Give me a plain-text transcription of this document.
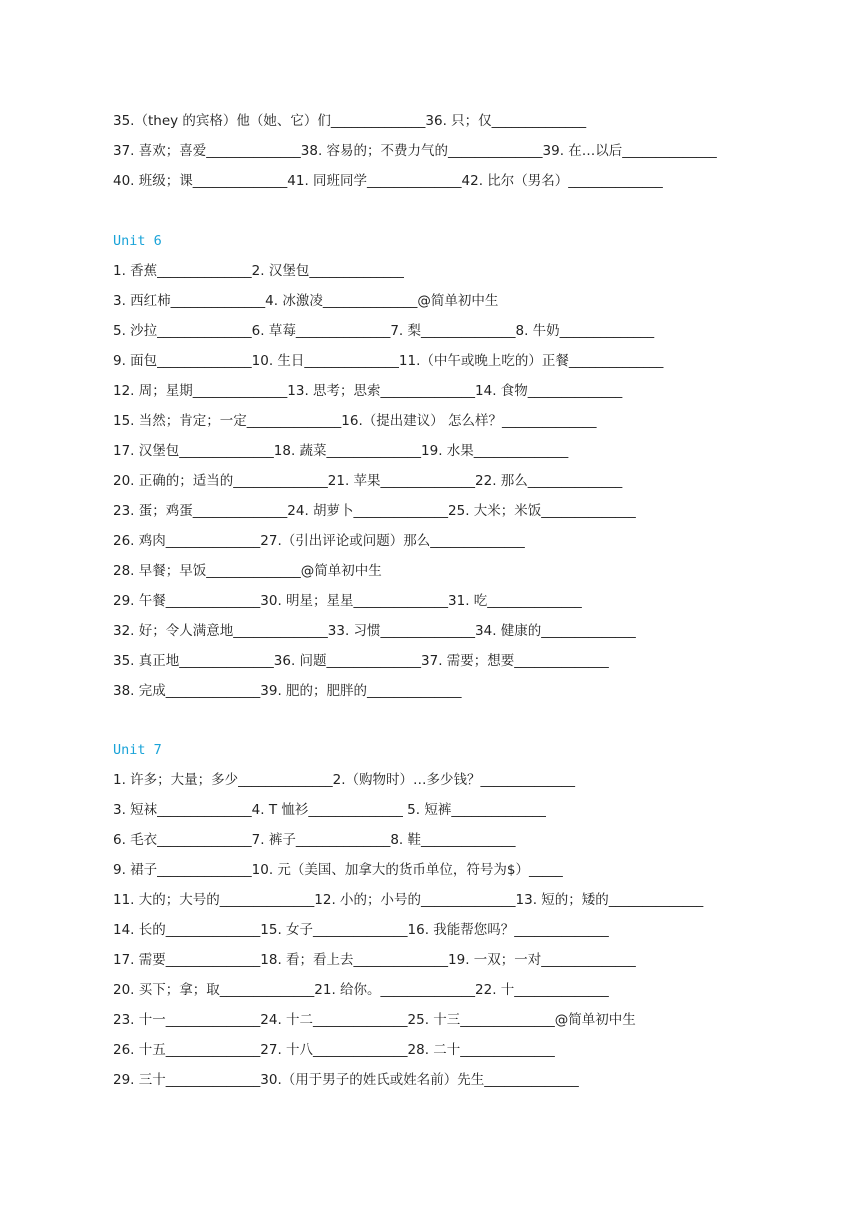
35.（they 的宾格）他（她、它）们______________36. 只；仅______________
37. 喜欢；喜爱______________38. 容易的；不费力气的______________39. 在…以后______________
40. 班级；课______________41. 同班同学______________42. 比尔（男名）______________
Unit 6
1. 香蕉______________2. 汉堡包______________
3. 西红柿______________4. 冰激凌______________@简单初中生
5. 沙拉______________6. 草莓______________7. 梨______________8. 牛奶______________
9. 面包______________10. 生日______________11.（中午或晚上吃的）正餐______________
12. 周；星期______________13. 思考；思索______________14. 食物______________
15. 当然；肯定；一定______________16.（提出建议） 怎么样？______________
17. 汉堡包______________18. 蔬菜______________19. 水果______________
20. 正确的；适当的______________21. 苹果______________22. 那么______________
23. 蛋；鸡蛋______________24. 胡萝卜______________25. 大米；米饭______________
26. 鸡肉______________27.（引出评论或问题）那么______________
28. 早餐；早饭______________@简单初中生
29. 午餐______________30. 明星；星星______________31. 吃______________
32. 好；令人满意地______________33. 习惯______________34. 健康的______________
35. 真正地______________36. 问题______________37. 需要；想要______________
38. 完成______________39. 肥的；肥胖的______________
Unit 7
1. 许多；大量；多少______________2.（购物时）…多少钱？______________
3. 短袜______________4. T 恤衫______________ 5. 短裤______________
6. 毛衣______________7. 裤子______________8. 鞋______________
9. 裙子______________10. 元（美国、加拿大的货币单位，符号为$）_____
11. 大的；大号的______________12. 小的；小号的______________13. 短的；矮的______________
14. 长的______________15. 女子______________16. 我能帮您吗？______________
17. 需要______________18. 看；看上去______________19. 一双；一对______________
20. 买下；拿；取______________21. 给你。______________22. 十______________
23. 十一______________24. 十二______________25. 十三______________@简单初中生
26. 十五______________27. 十八______________28. 二十______________
29. 三十______________30.（用于男子的姓氏或姓名前）先生______________
